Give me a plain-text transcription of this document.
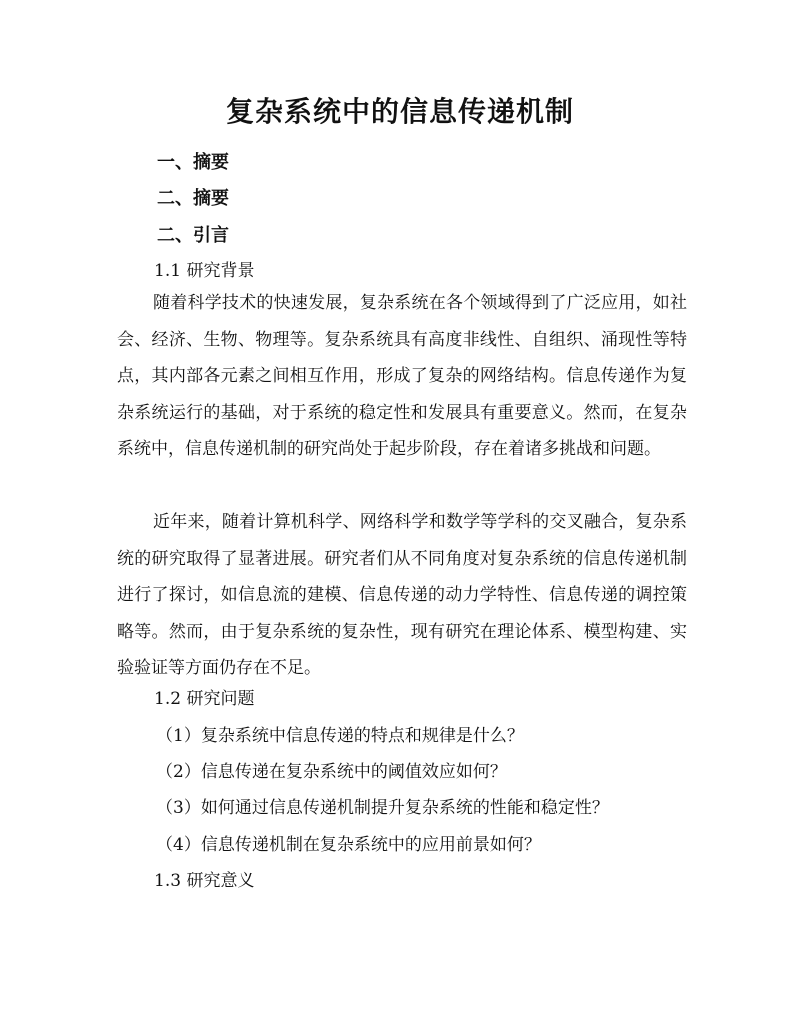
复杂系统中的信息传递机制
一、摘要
二、摘要
二、引言
1.1 研究背景
随着科学技术的快速发展，复杂系统在各个领域得到了广泛应用，如社会、经济、生物、物理等。复杂系统具有高度非线性、自组织、涌现性等特点，其内部各元素之间相互作用，形成了复杂的网络结构。信息传递作为复杂系统运行的基础，对于系统的稳定性和发展具有重要意义。然而，在复杂系统中，信息传递机制的研究尚处于起步阶段，存在着诸多挑战和问题。
近年来，随着计算机科学、网络科学和数学等学科的交叉融合，复杂系统的研究取得了显著进展。研究者们从不同角度对复杂系统的信息传递机制进行了探讨，如信息流的建模、信息传递的动力学特性、信息传递的调控策略等。然而，由于复杂系统的复杂性，现有研究在理论体系、模型构建、实验验证等方面仍存在不足。
1.2 研究问题
（1）复杂系统中信息传递的特点和规律是什么？
（2）信息传递在复杂系统中的阈值效应如何？
（3）如何通过信息传递机制提升复杂系统的性能和稳定性？
（4）信息传递机制在复杂系统中的应用前景如何？
1.3 研究意义
